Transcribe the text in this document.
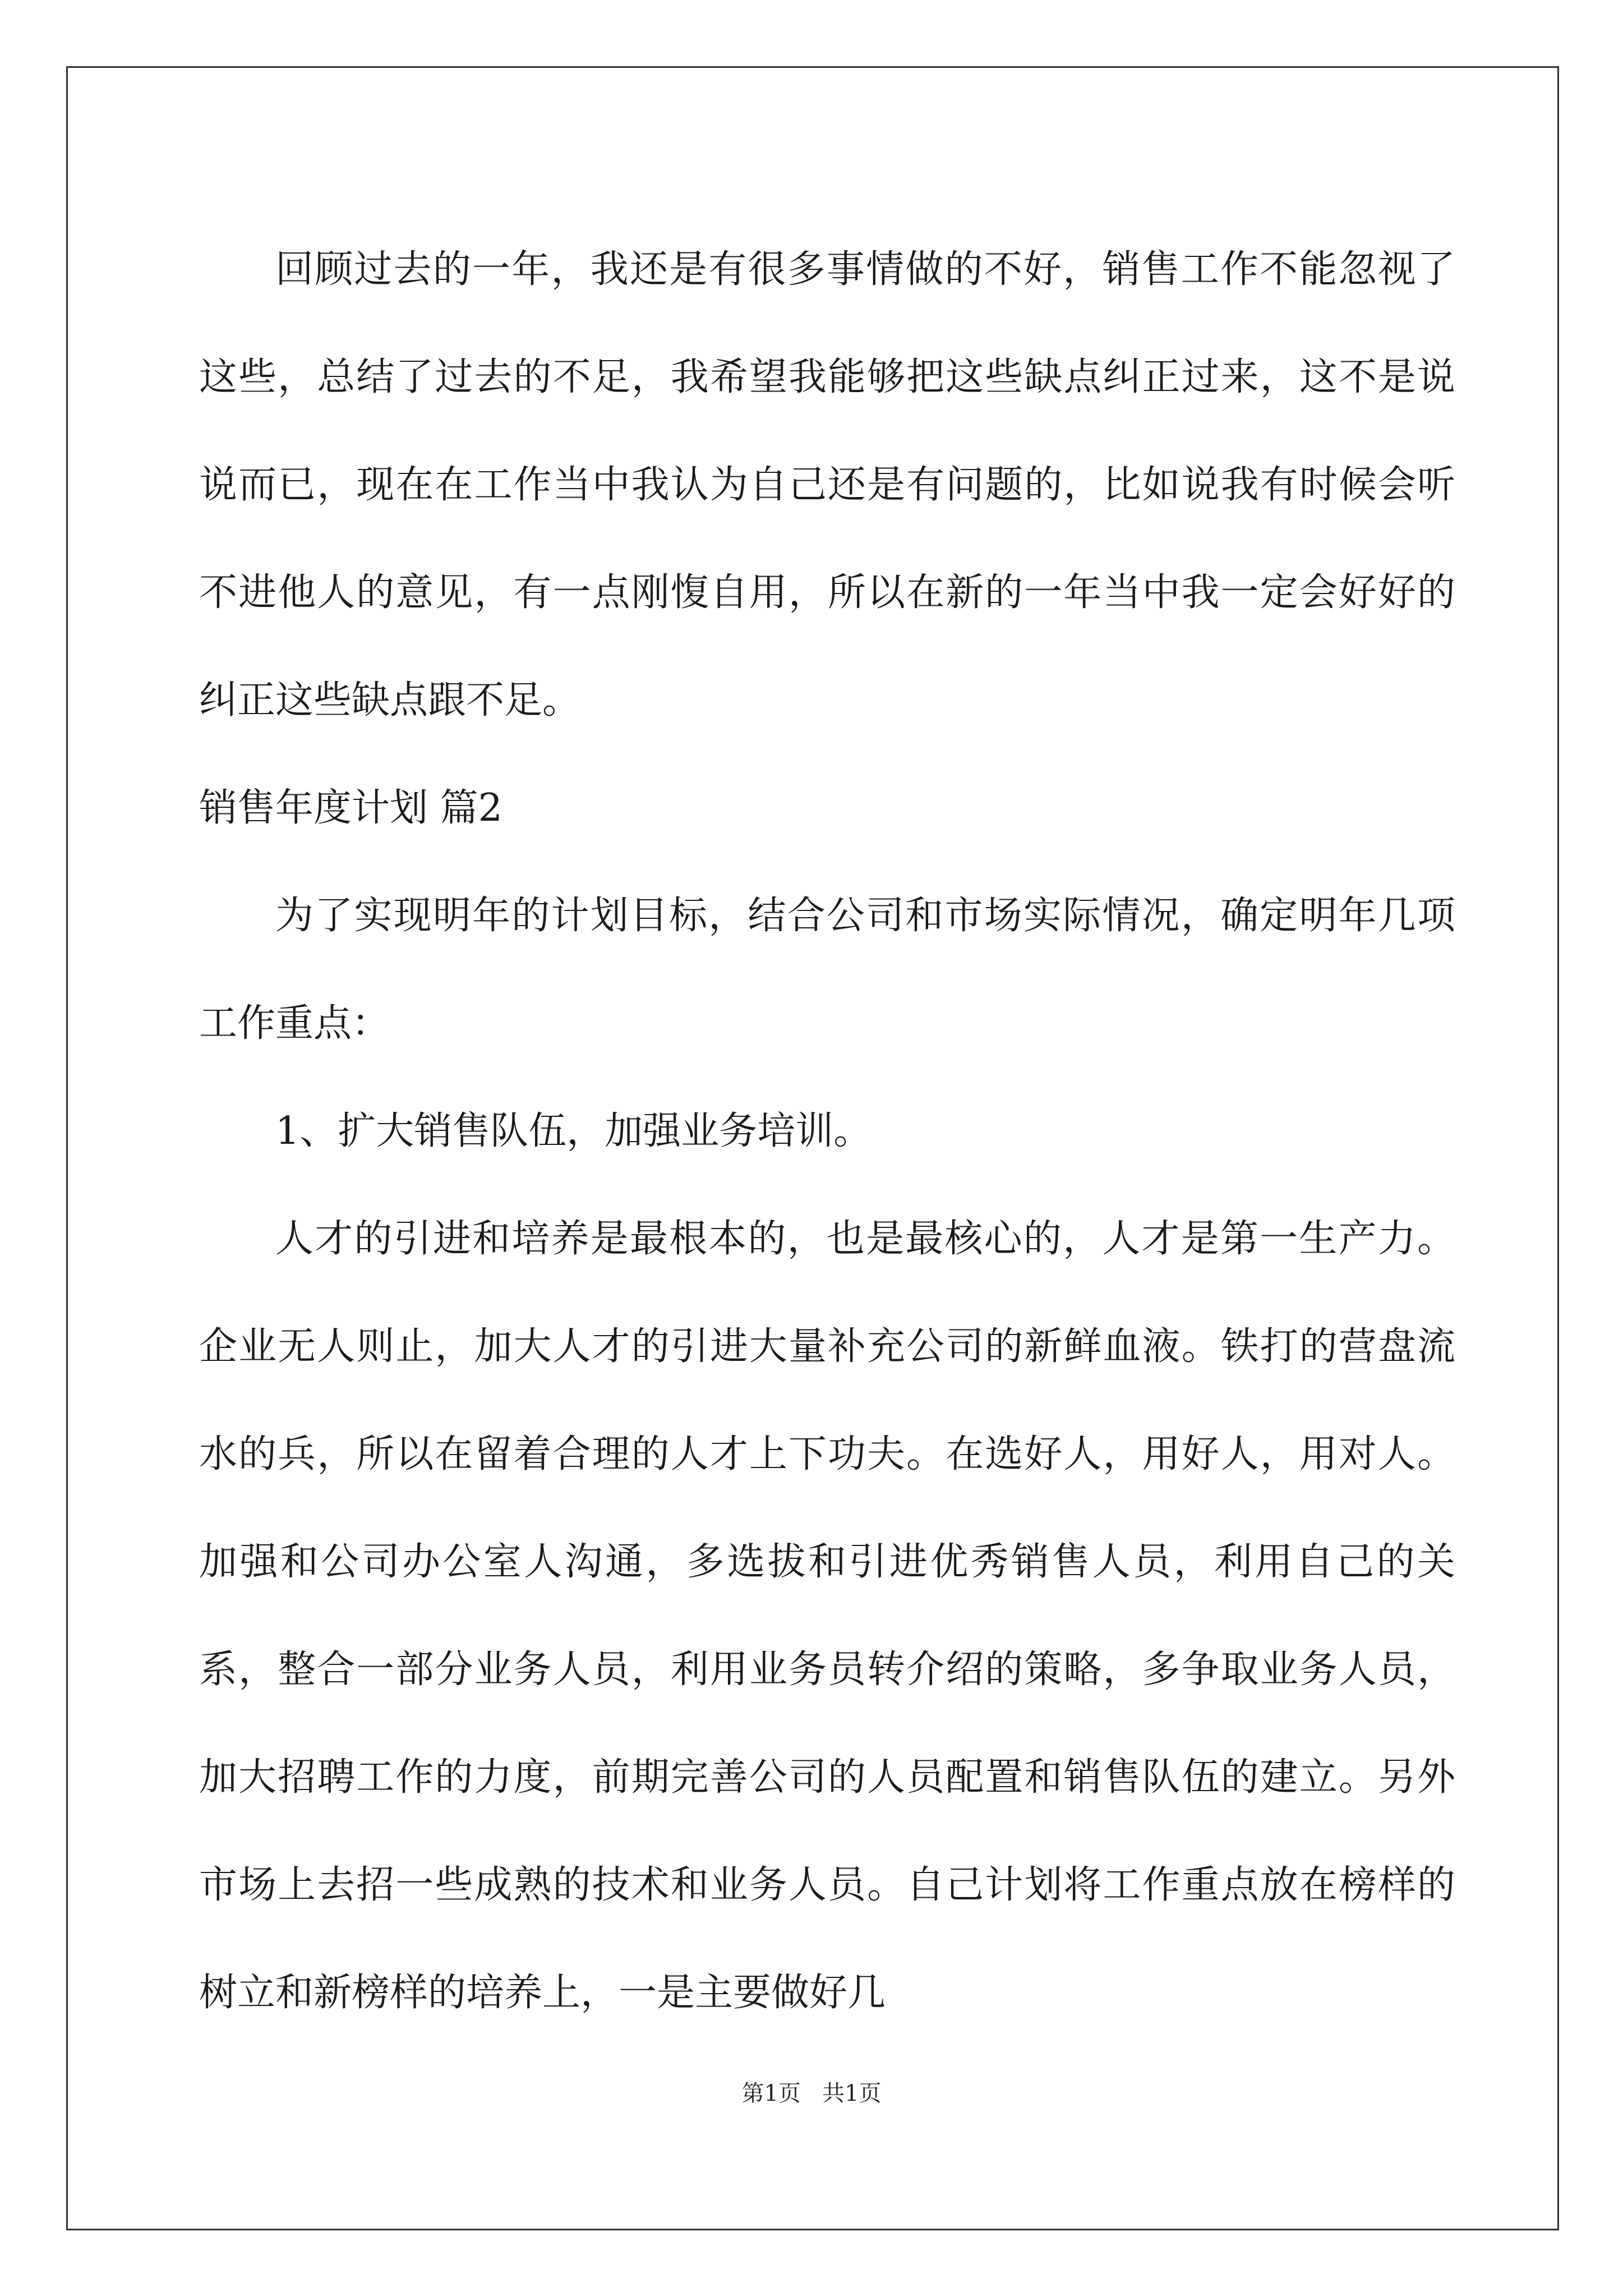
回顾过去的一年，我还是有很多事情做的不好，销售工作不能忽视了这些，总结了过去的不足，我希望我能够把这些缺点纠正过来，这不是说说而已，现在在工作当中我认为自己还是有问题的，比如说我有时候会听不进他人的意见，有一点刚愎自用，所以在新的一年当中我一定会好好的纠正这些缺点跟不足。

销售年度计划 篇2

为了实现明年的计划目标，结合公司和市场实际情况，确定明年几项工作重点：

1、扩大销售队伍，加强业务培训。

人才的引进和培养是最根本的，也是最核心的，人才是第一生产力。企业无人则止，加大人才的引进大量补充公司的新鲜血液。铁打的营盘流水的兵，所以在留着合理的人才上下功夫。在选好人，用好人，用对人。加强和公司办公室人沟通，多选拔和引进优秀销售人员，利用自己的关系，整合一部分业务人员，利用业务员转介绍的策略，多争取业务人员，加大招聘工作的力度，前期完善公司的人员配置和销售队伍的建立。另外市场上去招一些成熟的技术和业务人员。自己计划将工作重点放在榜样的树立和新榜样的培养上，一是主要做好几

第1页   共1页
